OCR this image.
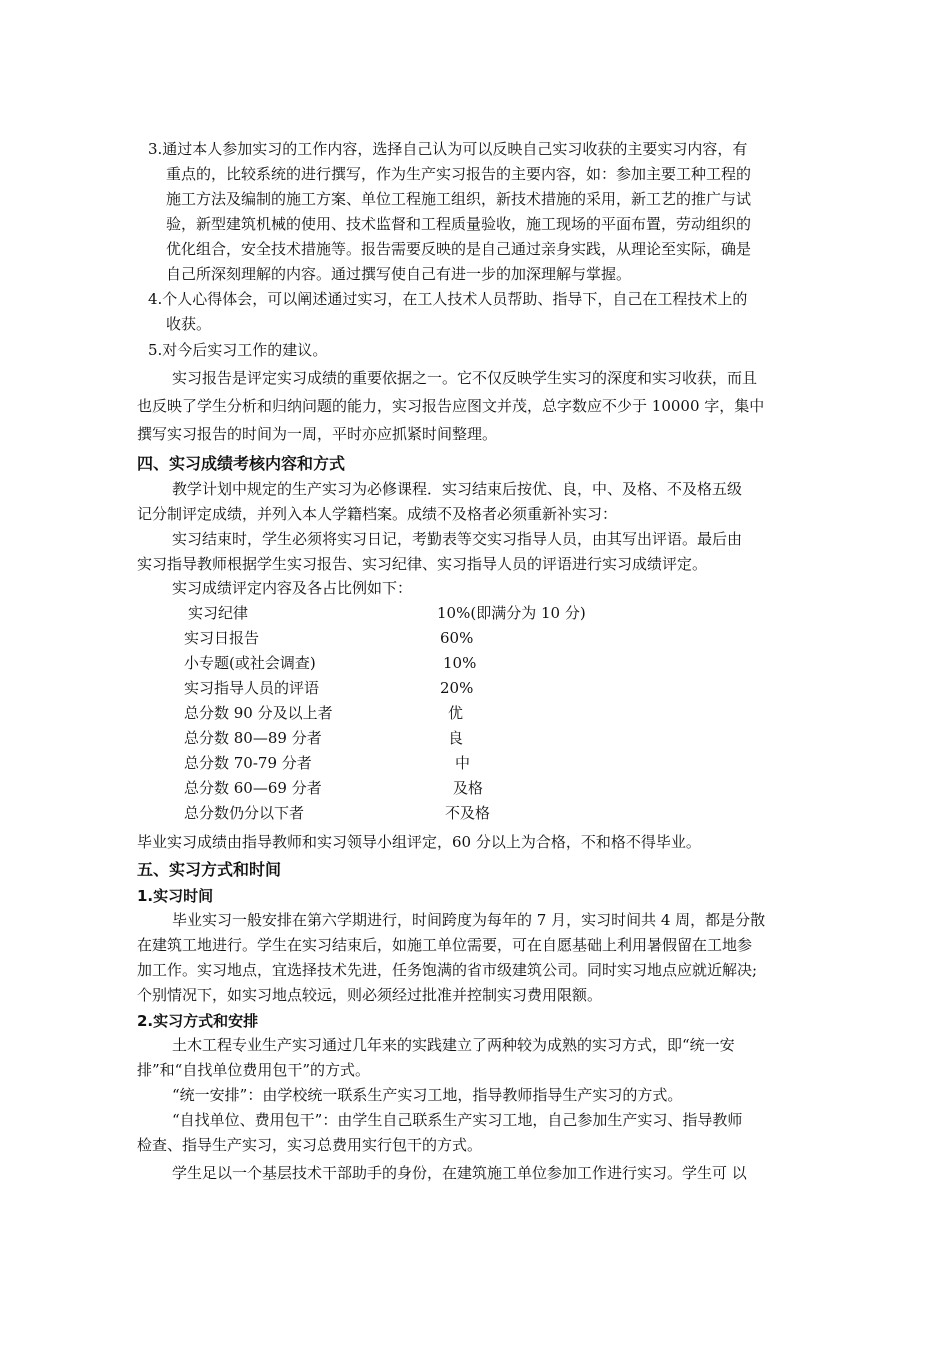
3.通过本人参加实习的工作内容，选择自己认为可以反映自己实习收获的主要实习内容，有
重点的，比较系统的进行撰写，作为生产实习报告的主要内容，如：参加主要工种工程的
施工方法及编制的施工方案、单位工程施工组织，新技术措施的采用，新工艺的推广与试
验，新型建筑机械的使用、技术监督和工程质量验收，施工现场的平面布置，劳动组织的
优化组合，安全技术措施等。报告需要反映的是自己通过亲身实践，从理论至实际，确是
自己所深刻理解的内容。通过撰写使自己有进一步的加深理解与掌握。
4.个人心得体会，可以阐述通过实习，在工人技术人员帮助、指导下，自己在工程技术上的
收获。
5.对今后实习工作的建议。
实习报告是评定实习成绩的重要依据之一。它不仅反映学生实习的深度和实习收获，而且
也反映了学生分析和归纳问题的能力，实习报告应图文并茂，总字数应不少于 10000 字，集中
撰写实习报告的时间为一周，平时亦应抓紧时间整理。
四、实习成绩考核内容和方式
教学计划中规定的生产实习为必修课程．实习结束后按优、良，中、及格、不及格五级
记分制评定成绩，并列入本人学籍档案。成绩不及格者必须重新补实习：
实习结束时，学生必须将实习日记，考勤表等交实习指导人员，由其写出评语。最后由
实习指导教师根据学生实习报告、实习纪律、实习指导人员的评语进行实习成绩评定。
实习成绩评定内容及各占比例如下：
实习纪律	10%(即满分为 10 分)
实习日报告	60%
小专题(或社会调查)	10%
实习指导人员的评语	20%
总分数 90 分及以上者	优
总分数 80—89 分者	良
总分数 70-79 分者	中
总分数 60—69 分者	及格
总分数仍分以下者	不及格
毕业实习成绩由指导教师和实习领导小组评定，60 分以上为合格，不和格不得毕业。
五、实习方式和时间
1.实习时间
毕业实习一般安排在第六学期进行，时间跨度为每年的 7 月，实习时间共 4 周，都是分散
在建筑工地进行。学生在实习结束后，如施工单位需要，可在自愿基础上利用暑假留在工地参
加工作。实习地点，宜选择技术先进，任务饱满的省市级建筑公司。同时实习地点应就近解决;
个别情况下，如实习地点较远，则必须经过批准并控制实习费用限额。
2.实习方式和安排
土木工程专业生产实习通过几年来的实践建立了两种较为成熟的实习方式，即“统一安
排”和“自找单位费用包干”的方式。
“统一安排”：由学校统一联系生产实习工地，指导教师指导生产实习的方式。
“自找单位、费用包干”：由学生自己联系生产实习工地，自己参加生产实习、指导教师
检查、指导生产实习，实习总费用实行包干的方式。
学生足以一个基层技术干部助手的身份，在建筑施工单位参加工作进行实习。学生可 以
